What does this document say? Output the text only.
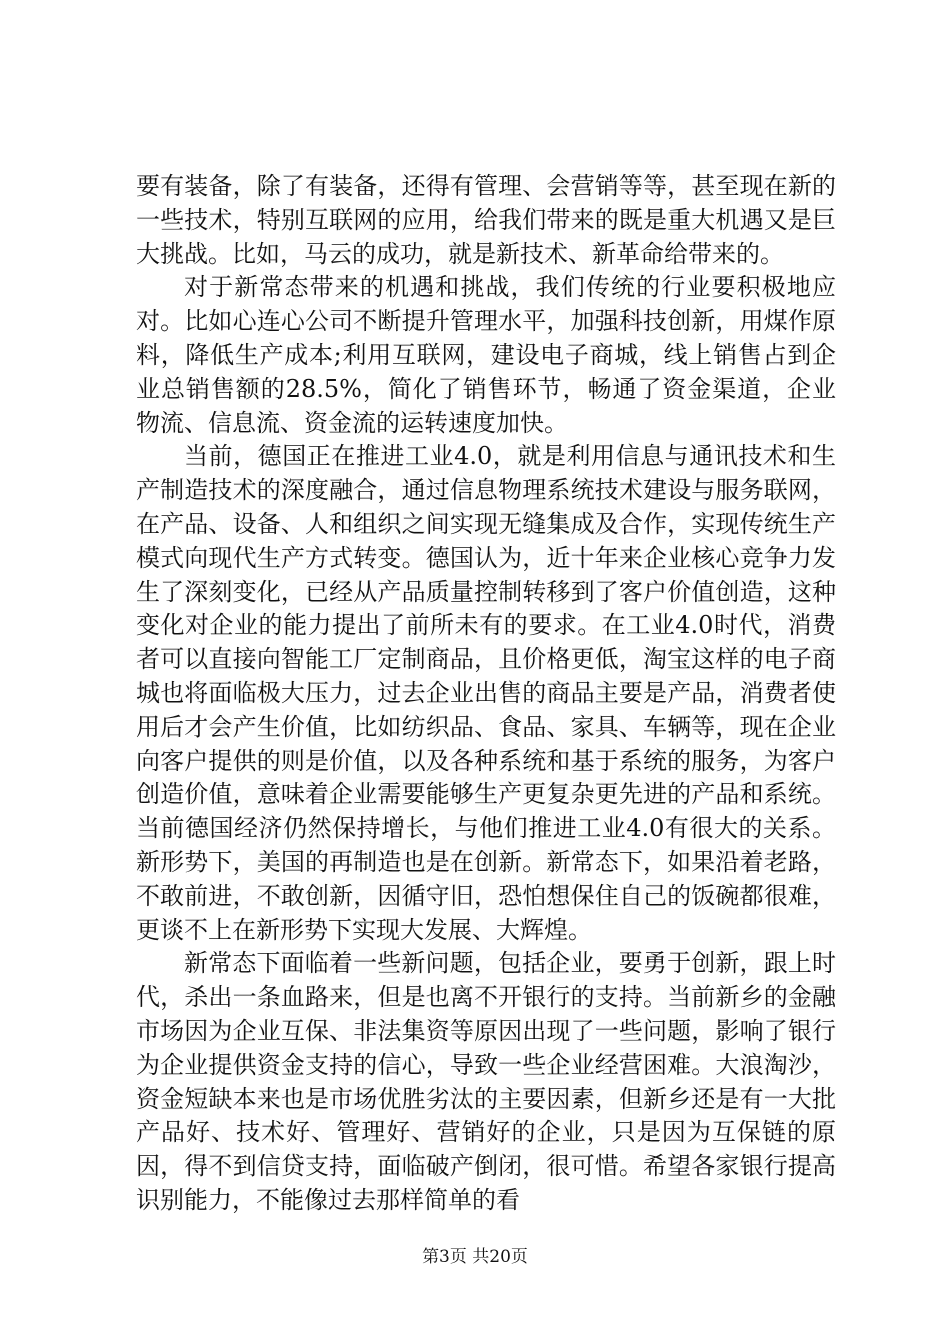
要有装备，除了有装备，还得有管理、会营销等等，甚至现在新的一些技术，特别互联网的应用，给我们带来的既是重大机遇又是巨大挑战。比如，马云的成功，就是新技术、新革命给带来的。

对于新常态带来的机遇和挑战，我们传统的行业要积极地应对。比如心连心公司不断提升管理水平，加强科技创新，用煤作原料，降低生产成本;利用互联网，建设电子商城，线上销售占到企业总销售额的28.5%，简化了销售环节，畅通了资金渠道，企业物流、信息流、资金流的运转速度加快。

当前，德国正在推进工业4.0，就是利用信息与通讯技术和生产制造技术的深度融合，通过信息物理系统技术建设与服务联网，在产品、设备、人和组织之间实现无缝集成及合作，实现传统生产模式向现代生产方式转变。德国认为，近十年来企业核心竞争力发生了深刻变化，已经从产品质量控制转移到了客户价值创造，这种变化对企业的能力提出了前所未有的要求。在工业4.0时代，消费者可以直接向智能工厂定制商品，且价格更低，淘宝这样的电子商城也将面临极大压力，过去企业出售的商品主要是产品，消费者使用后才会产生价值，比如纺织品、食品、家具、车辆等，现在企业向客户提供的则是价值，以及各种系统和基于系统的服务，为客户创造价值，意味着企业需要能够生产更复杂更先进的产品和系统。当前德国经济仍然保持增长，与他们推进工业4.0有很大的关系。新形势下，美国的再制造也是在创新。新常态下，如果沿着老路，不敢前进，不敢创新，因循守旧，恐怕想保住自己的饭碗都很难，更谈不上在新形势下实现大发展、大辉煌。

新常态下面临着一些新问题，包括企业，要勇于创新，跟上时代，杀出一条血路来，但是也离不开银行的支持。当前新乡的金融市场因为企业互保、非法集资等原因出现了一些问题，影响了银行为企业提供资金支持的信心，导致一些企业经营困难。大浪淘沙，资金短缺本来也是市场优胜劣汰的主要因素，但新乡还是有一大批产品好、技术好、管理好、营销好的企业，只是因为互保链的原因，得不到信贷支持，面临破产倒闭，很可惜。希望各家银行提高识别能力，不能像过去那样简单的看

第3页 共20页
